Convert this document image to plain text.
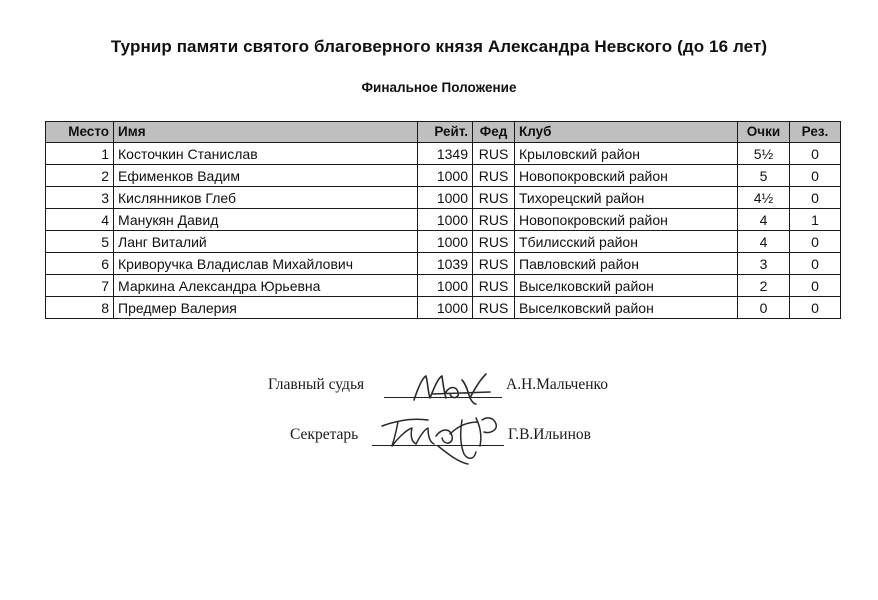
Турнир памяти святого благоверного князя Александра Невского (до 16 лет)
Финальное Положение
Место	Имя	Рейт.	Фед	Клуб	Очки	Рез.
1	Косточкин Станислав	1349	RUS	Крыловский район	5½	0
2	Ефименков Вадим	1000	RUS	Новопокровский район	5	0
3	Кислянников Глеб	1000	RUS	Тихорецский район	4½	0
4	Манукян Давид	1000	RUS	Новопокровский район	4	1
5	Ланг Виталий	1000	RUS	Тбилисский район	4	0
6	Криворучка Владислав Михайлович	1039	RUS	Павловский район	3	0
7	Маркина Александра Юрьевна	1000	RUS	Выселковский район	2	0
8	Предмер Валерия	1000	RUS	Выселковский район	0	0
Главный судья	А.Н.Мальченко
Секретарь	Г.В.Ильинов
